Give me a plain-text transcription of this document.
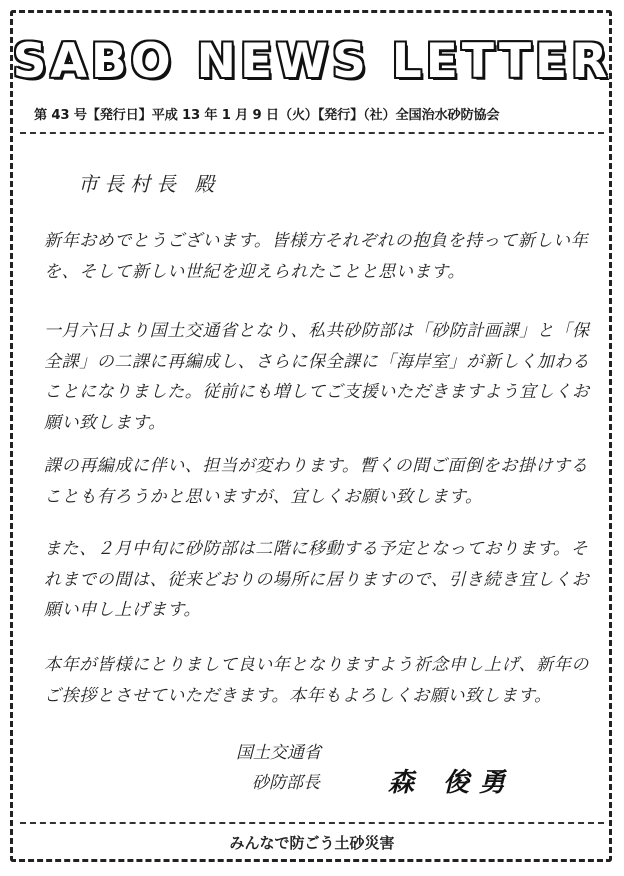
SABO NEWS LETTER
第 43 号【発行日】平成 13 年 1 月 9 日（火）【発行】（社）全国治水砂防協会
市長村長 殿
新年おめでとうございます。皆様方それぞれの抱負を持って新しい年を、そして新しい世紀を迎えられたことと思います。
一月六日より国土交通省となり、私共砂防部は「砂防計画課」と「保全課」の二課に再編成し、さらに保全課に「海岸室」が新しく加わることになりました。従前にも増してご支援いただきますよう宜しくお願い致します。
課の再編成に伴い、担当が変わります。暫くの間ご面倒をお掛けすることも有ろうかと思いますが、宜しくお願い致します。
また、２月中旬に砂防部は二階に移動する予定となっております。それまでの間は、従来どおりの場所に居りますので、引き続き宜しくお願い申し上げます。
本年が皆様にとりまして良い年となりますよう祈念申し上げ、新年のご挨拶とさせていただきます。本年もよろしくお願い致します。
国土交通省
砂防部長	森 俊勇
みんなで防ごう土砂災害
